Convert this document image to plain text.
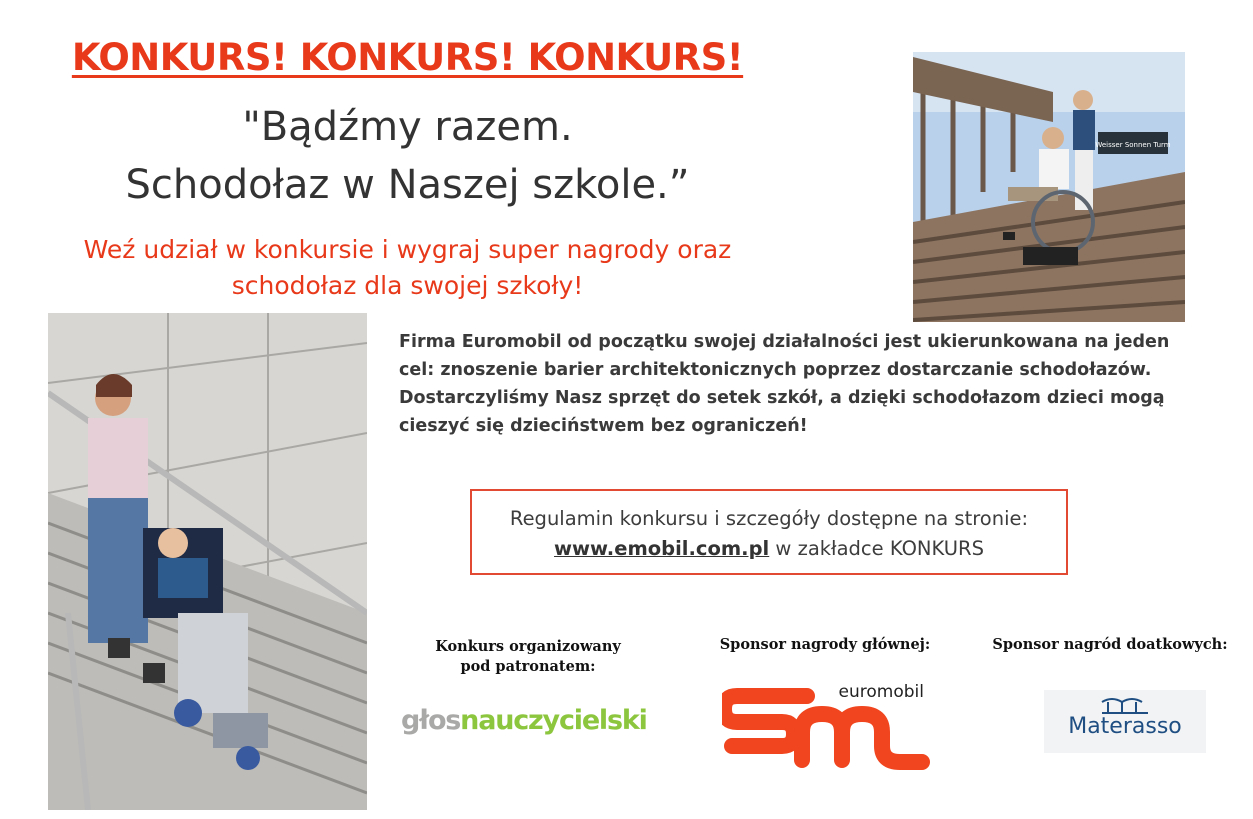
KONKURS! KONKURS! KONKURS!
"Bądźmy razem.
Schodołaz w Naszej szkole.”
Weź udział w konkursie i wygraj super nagrody oraz
schodołaz dla swojej szkoły!
Weisser Sonnen Turm
Firma Euromobil od początku swojej działalności jest ukierunkowana na jeden
cel: znoszenie barier architektonicznych poprzez dostarczanie schodołazów.
Dostarczyliśmy Nasz sprzęt do setek szkół, a dzięki schodołazom dzieci mogą
cieszyć się dzieciństwem bez ograniczeń!
Regulamin konkursu i szczegóły dostępne na stronie:
www.emobil.com.pl w zakładce KONKURS
Konkurs organizowany
pod patronatem:
Sponsor nagrody głównej:	Sponsor nagród doatkowych:
głosnauczycielski
euromobil
Materasso
